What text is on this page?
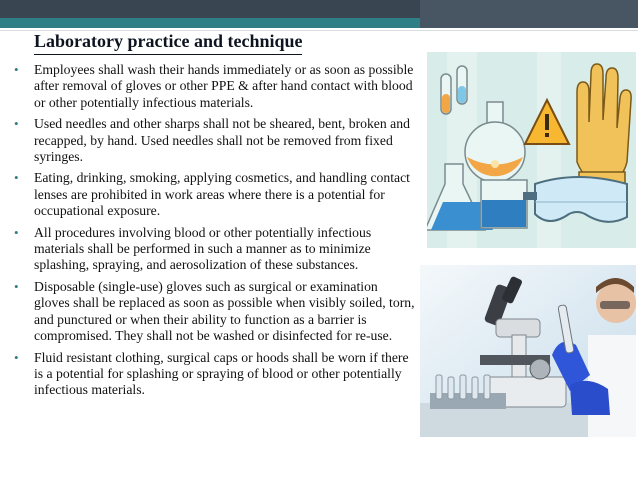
Laboratory practice and technique
• Employees shall wash their hands immediately or as soon as possible after removal of gloves or other PPE & after hand contact with blood or other potentially infectious materials.
• Used needles and other sharps shall not be sheared, bent, broken and recapped, by hand. Used needles shall not be removed from fixed syringes.
• Eating, drinking, smoking, applying cosmetics, and handling contact lenses are prohibited in work areas where there is a potential for occupational exposure.
• All procedures involving blood or other potentially infectious materials shall be performed in such a manner as to minimize splashing, spraying, and aerosolization of these substances.
• Disposable (single-use) gloves such as surgical or examination gloves shall be replaced as soon as possible when visibly soiled, torn, and punctured or when their ability to function as a barrier is compromised. They shall not be washed or disinfected for re-use.
• Fluid resistant clothing, surgical caps or hoods shall be worn if there is a potential for splashing or spraying of blood or other potentially infectious materials.
